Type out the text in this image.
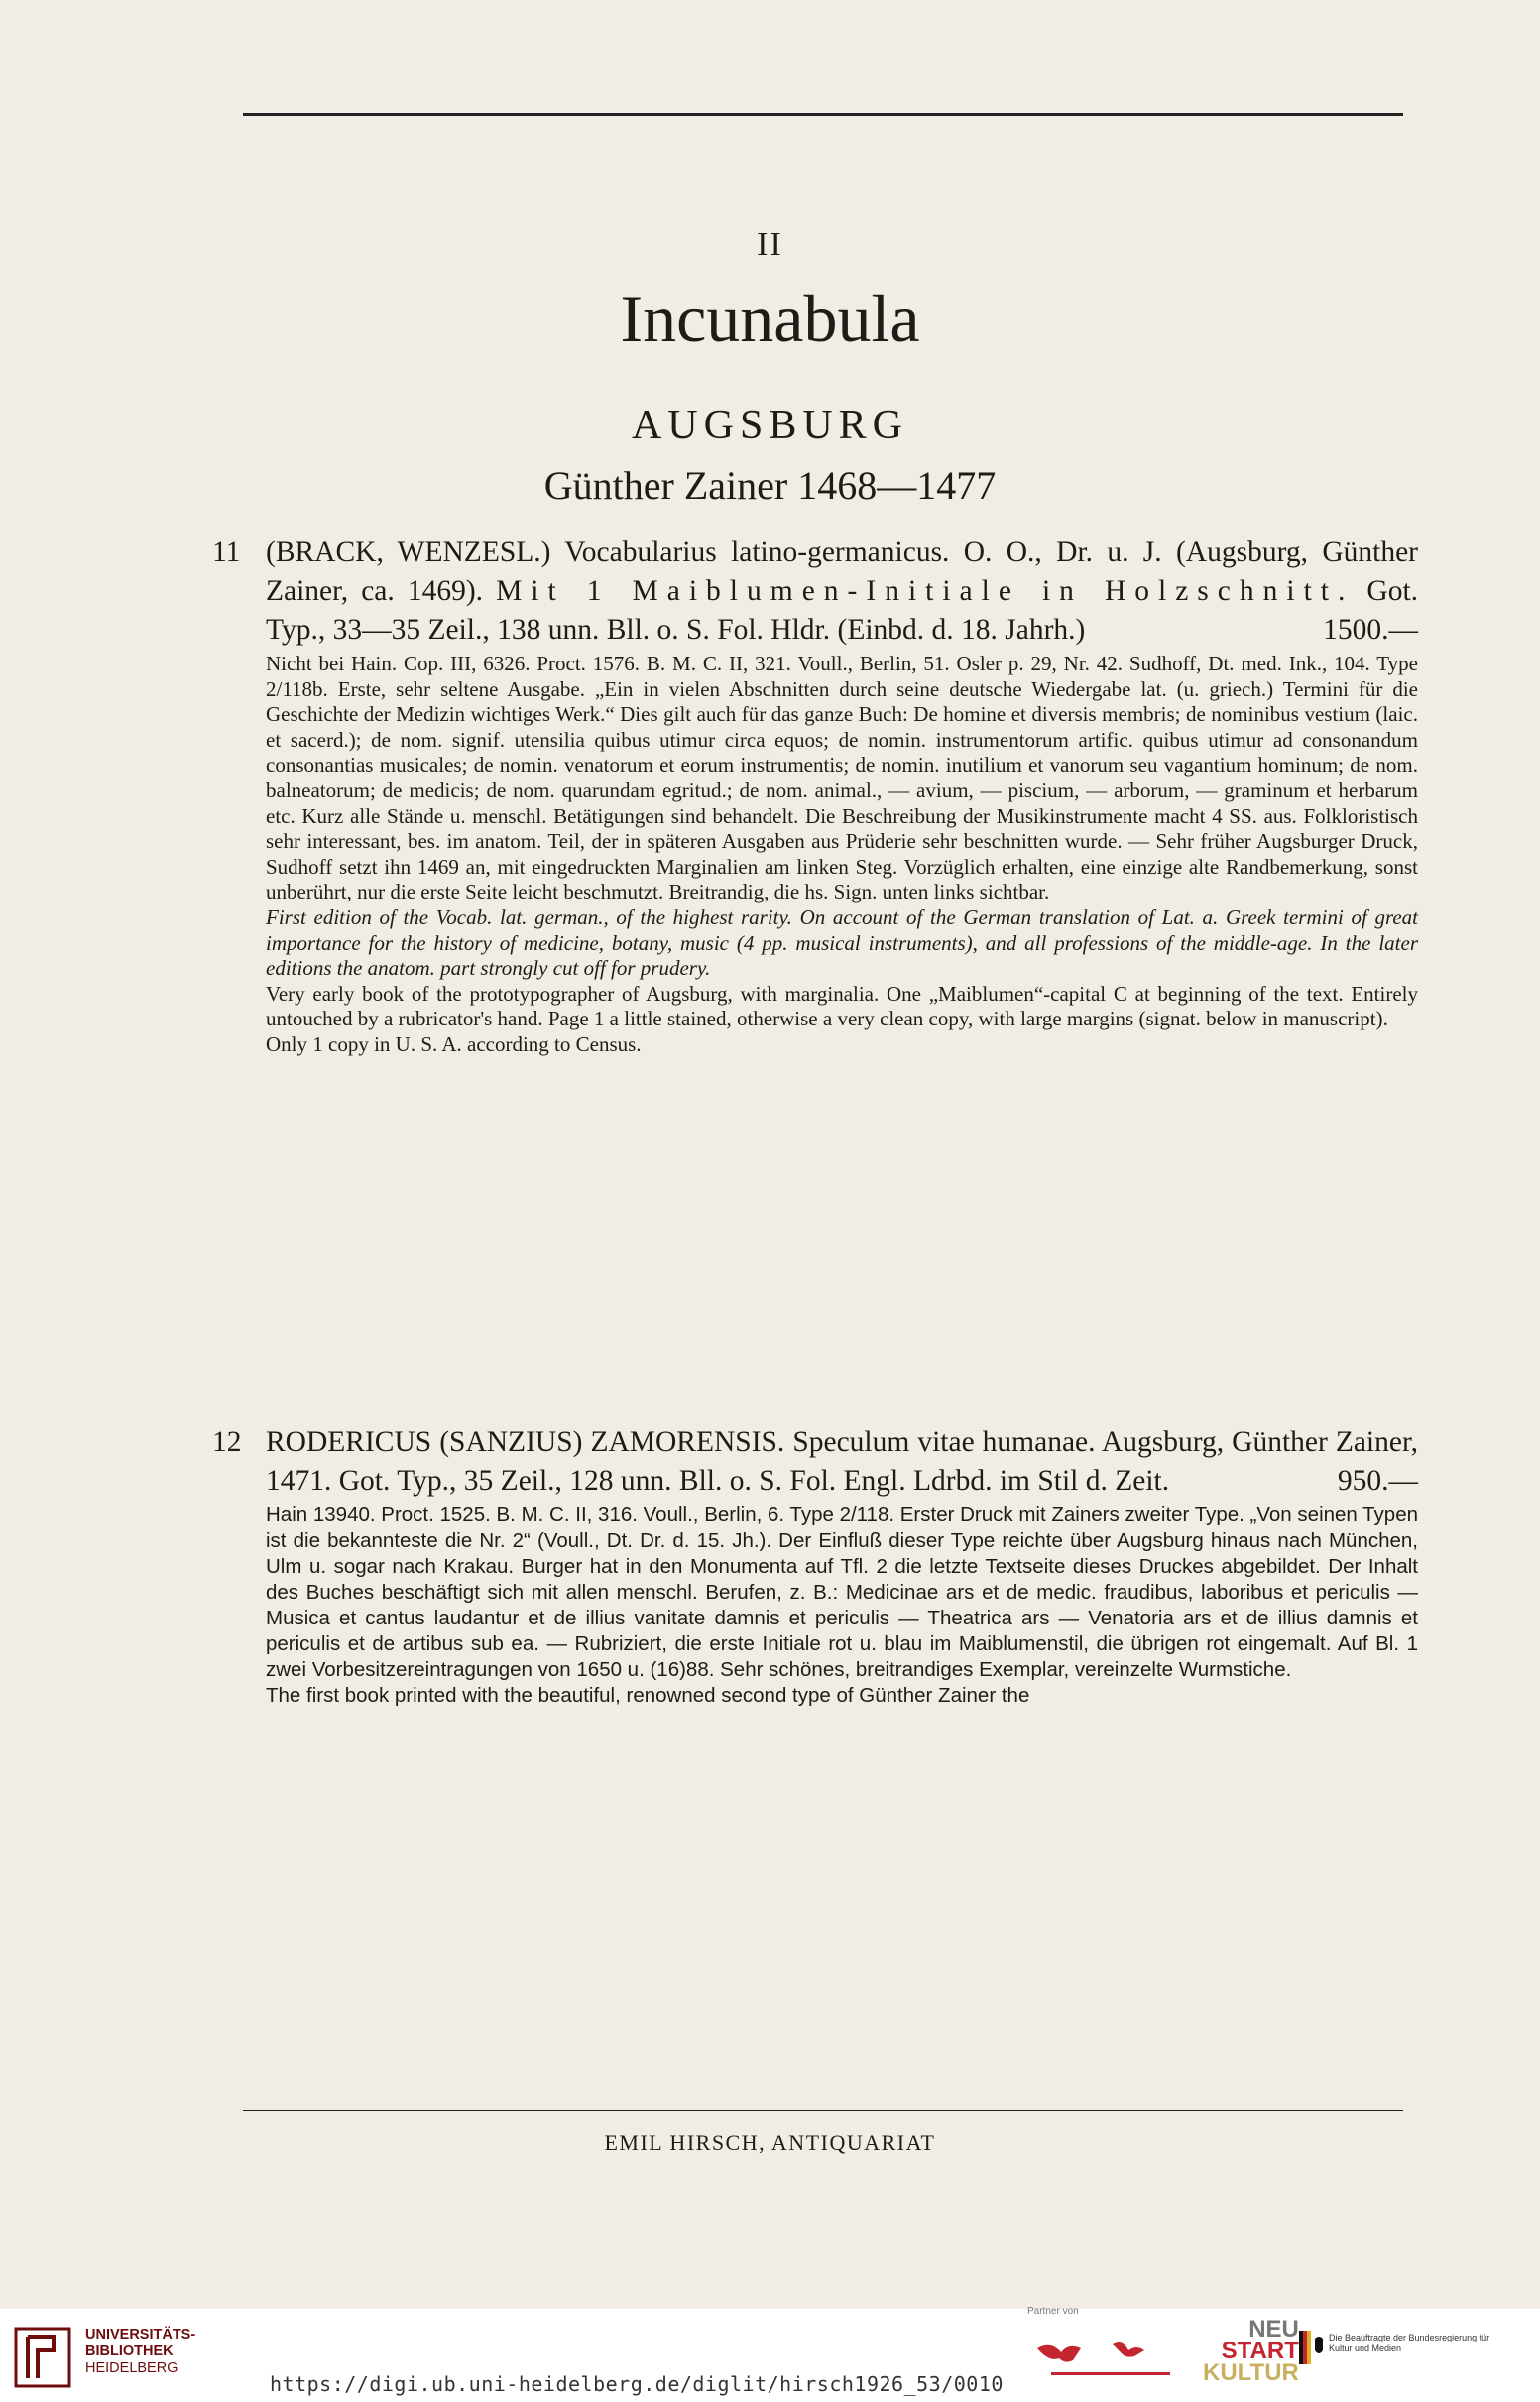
II
Incunabula
AUGSBURG
Günther Zainer 1468—1477
11 (BRACK, WENZESL.) Vocabularius latino-germanicus. O. O., Dr. u. J. (Augsburg, Günther Zainer, ca. 1469). Mit 1 Maiblumen-Initiale in Holzschnitt. Got. Typ., 33—35 Zeil., 138 unn. Bll. o. S. Fol. Hldr. (Einbd. d. 18. Jahrh.)	1500.—

Nicht bei Hain. Cop. III, 6326. Proct. 1576. B. M. C. II, 321. Voull., Berlin, 51. Osler p. 29, Nr. 42. Sudhoff, Dt. med. Ink., 104. Type 2/118b. Erste, sehr seltene Ausgabe. „Ein in vielen Abschnitten durch seine deutsche Wiedergabe lat. (u. griech.) Termini für die Geschichte der Medizin wichtiges Werk.“ Dies gilt auch für das ganze Buch: De homine et diversis membris; de nominibus vestium (laic. et sacerd.); de nom. signif. utensilia quibus utimur circa equos; de nomin. instrumentorum artific. quibus utimur ad consonandum consonantias musicales; de nomin. venatorum et eorum instrumentis; de nomin. inutilium et vanorum seu vagantium hominum; de nom. balneatorum; de medicis; de nom. quarundam egritud.; de nom. animal., — avium, — piscium, — arborum, — graminum et herbarum etc. Kurz alle Stände u. menschl. Betätigungen sind behandelt. Die Beschreibung der Musikinstrumente macht 4 SS. aus. Folkloristisch sehr interessant, bes. im anatom. Teil, der in späteren Ausgaben aus Prüderie sehr beschnitten wurde. — Sehr früher Augsburger Druck, Sudhoff setzt ihn 1469 an, mit eingedruckten Marginalien am linken Steg. Vorzüglich erhalten, eine einzige alte Randbemerkung, sonst unberührt, nur die erste Seite leicht beschmutzt. Breitrandig, die hs. Sign. unten links sichtbar.

First edition of the Vocab. lat. german., of the highest rarity. On account of the German translation of Lat. a. Greek termini of great importance for the history of medicine, botany, music (4 pp. musical instruments), and all professions of the middle-age. In the later editions the anatom. part strongly cut off for prudery.

Very early book of the prototypographer of Augsburg, with marginalia. One „Maiblumen“-capital C at beginning of the text. Entirely untouched by a rubricator's hand. Page 1 a little stained, otherwise a very clean copy, with large margins (signat. below in manuscript).

Only 1 copy in U. S. A. according to Census.

12 RODERICUS (SANZIUS) ZAMORENSIS. Speculum vitae humanae. Augsburg, Günther Zainer, 1471. Got. Typ., 35 Zeil., 128 unn. Bll. o. S. Fol. Engl. Ldrbd. im Stil d. Zeit.	950.—

Hain 13940. Proct. 1525. B. M. C. II, 316. Voull., Berlin, 6. Type 2/118. Erster Druck mit Zainers zweiter Type. „Von seinen Typen ist die bekannteste die Nr. 2“ (Voull., Dt. Dr. d. 15. Jh.). Der Einfluß dieser Type reichte über Augsburg hinaus nach München, Ulm u. sogar nach Krakau. Burger hat in den Monumenta auf Tfl. 2 die letzte Textseite dieses Druckes abgebildet. Der Inhalt des Buches beschäftigt sich mit allen menschl. Berufen, z. B.: Medicinae ars et de medic. fraudibus, laboribus et periculis — Musica et cantus laudantur et de illius vanitate damnis et periculis — Theatrica ars — Venatoria ars et de illius damnis et periculis et de artibus sub ea. — Rubriziert, die erste Initiale rot u. blau im Maiblumenstil, die übrigen rot eingemalt. Auf Bl. 1 zwei Vorbesitzereintragungen von 1650 u. (16)88. Sehr schönes, breitrandiges Exemplar, vereinzelte Wurmstiche.

The first book printed with the beautiful, renowned second type of Günther Zainer the

EMIL HIRSCH, ANTIQUARIAT
UNIVERSITÄTS-
BIBLIOTHEK
HEIDELBERG
https://digi.ub.uni-heidelberg.de/diglit/hirsch1926_53/0010
Partner von
NEU
START
KULTUR
Die Beauftragte der Bundesregierung für Kultur und Medien
